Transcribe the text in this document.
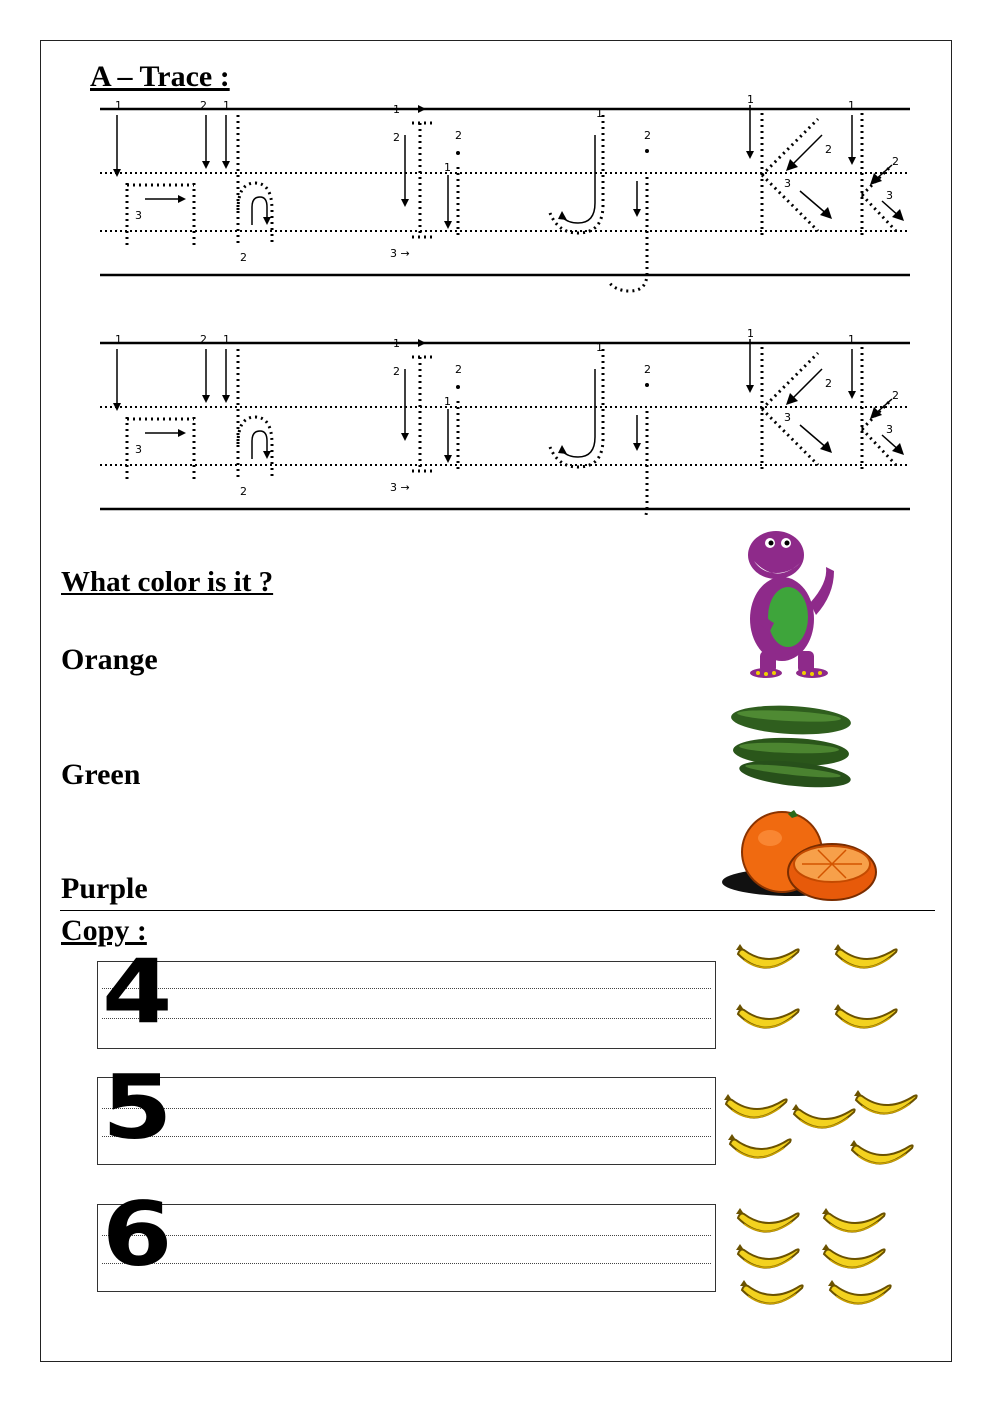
A – Trace :
What color is it ?
Orange
Green
Purple
Copy :
4
5
6
